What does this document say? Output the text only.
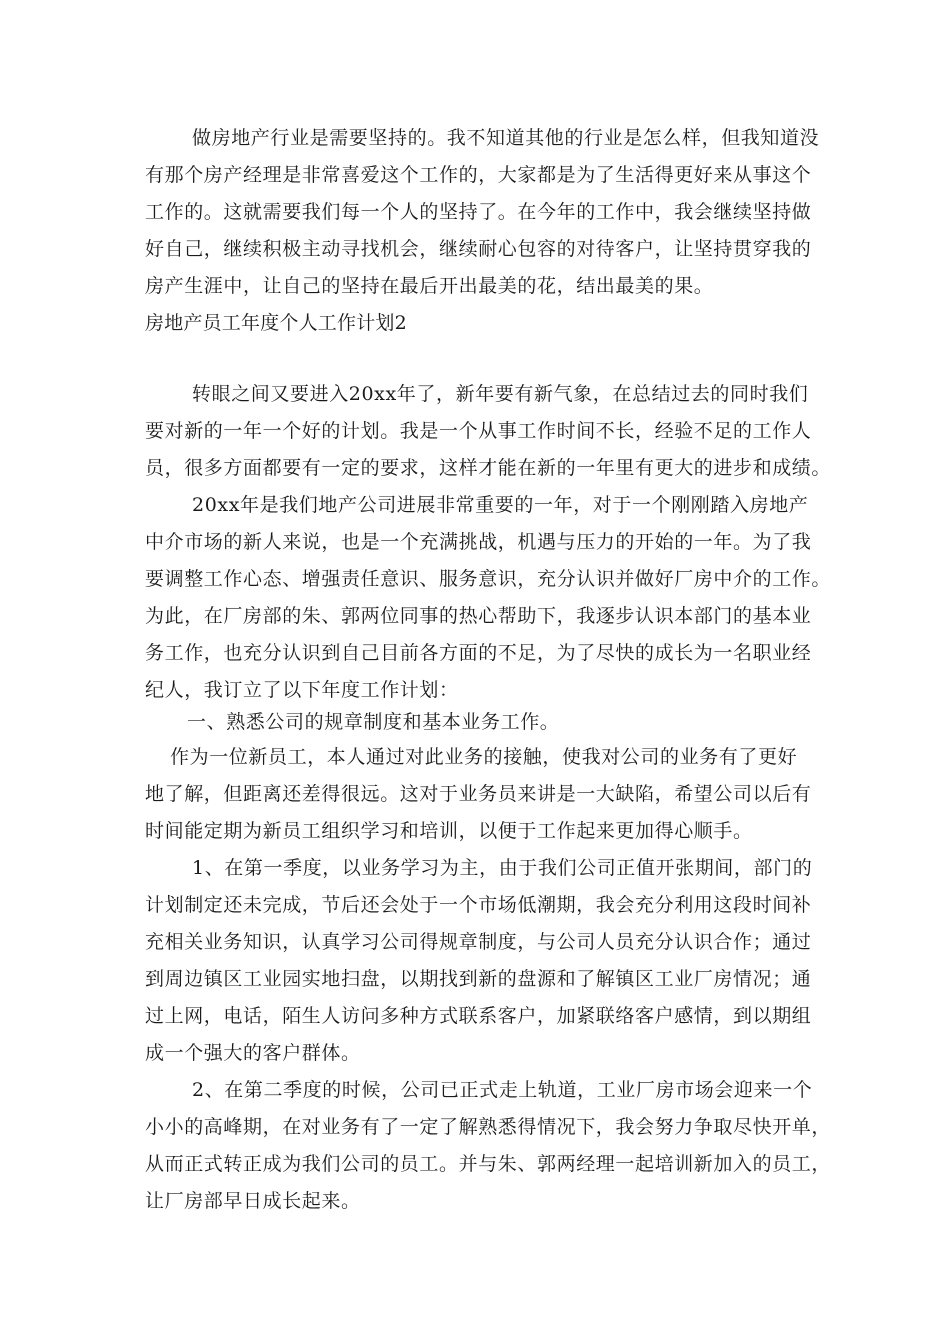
做房地产行业是需要坚持的。我不知道其他的行业是怎么样，但我知道没
有那个房产经理是非常喜爱这个工作的，大家都是为了生活得更好来从事这个
工作的。这就需要我们每一个人的坚持了。在今年的工作中，我会继续坚持做
好自己，继续积极主动寻找机会，继续耐心包容的对待客户，让坚持贯穿我的
房产生涯中，让自己的坚持在最后开出最美的花，结出最美的果。
房地产员工年度个人工作计划2
转眼之间又要进入20xx年了，新年要有新气象，在总结过去的同时我们
要对新的一年一个好的计划。我是一个从事工作时间不长，经验不足的工作人
员，很多方面都要有一定的要求，这样才能在新的一年里有更大的进步和成绩。
20xx年是我们地产公司进展非常重要的一年，对于一个刚刚踏入房地产
中介市场的新人来说，也是一个充满挑战，机遇与压力的开始的一年。为了我
要调整工作心态、增强责任意识、服务意识，充分认识并做好厂房中介的工作。
为此，在厂房部的朱、郭两位同事的热心帮助下，我逐步认识本部门的基本业
务工作，也充分认识到自己目前各方面的不足，为了尽快的成长为一名职业经
纪人，我订立了以下年度工作计划：
一、熟悉公司的规章制度和基本业务工作。
作为一位新员工，本人通过对此业务的接触，使我对公司的业务有了更好
地了解，但距离还差得很远。这对于业务员来讲是一大缺陷，希望公司以后有
时间能定期为新员工组织学习和培训，以便于工作起来更加得心顺手。
1、在第一季度，以业务学习为主，由于我们公司正值开张期间，部门的
计划制定还未完成，节后还会处于一个市场低潮期，我会充分利用这段时间补
充相关业务知识，认真学习公司得规章制度，与公司人员充分认识合作；通过
到周边镇区工业园实地扫盘，以期找到新的盘源和了解镇区工业厂房情况；通
过上网，电话，陌生人访问多种方式联系客户，加紧联络客户感情，到以期组
成一个强大的客户群体。
2、在第二季度的时候，公司已正式走上轨道，工业厂房市场会迎来一个
小小的高峰期，在对业务有了一定了解熟悉得情况下，我会努力争取尽快开单，
从而正式转正成为我们公司的员工。并与朱、郭两经理一起培训新加入的员工，
让厂房部早日成长起来。
